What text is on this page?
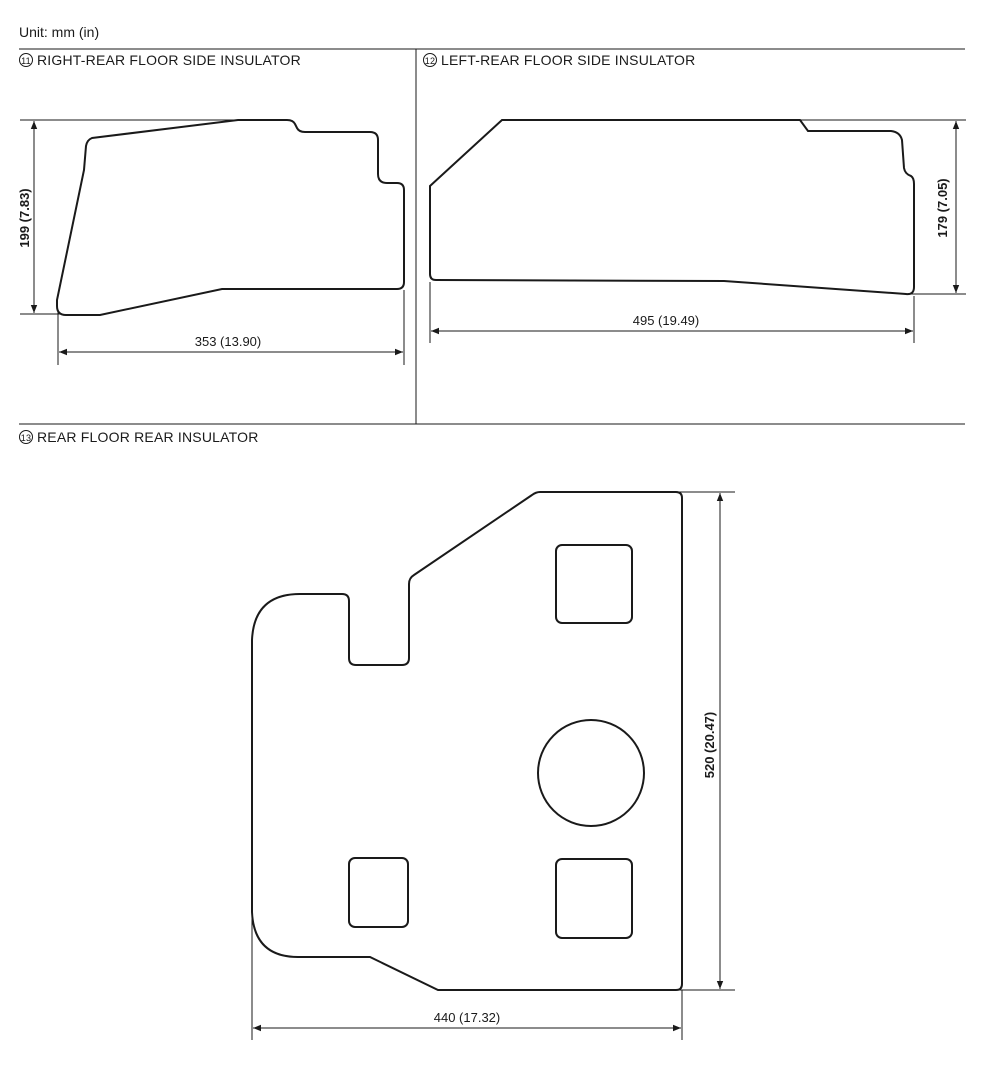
Unit: mm (in)
11 RIGHT-REAR FLOOR SIDE INSULATOR	12 LEFT-REAR FLOOR SIDE INSULATOR
13 REAR FLOOR REAR INSULATOR
353 (13.90)
199 (7.83)
495 (19.49)
179 (7.05)
440 (17.32)
520 (20.47)
